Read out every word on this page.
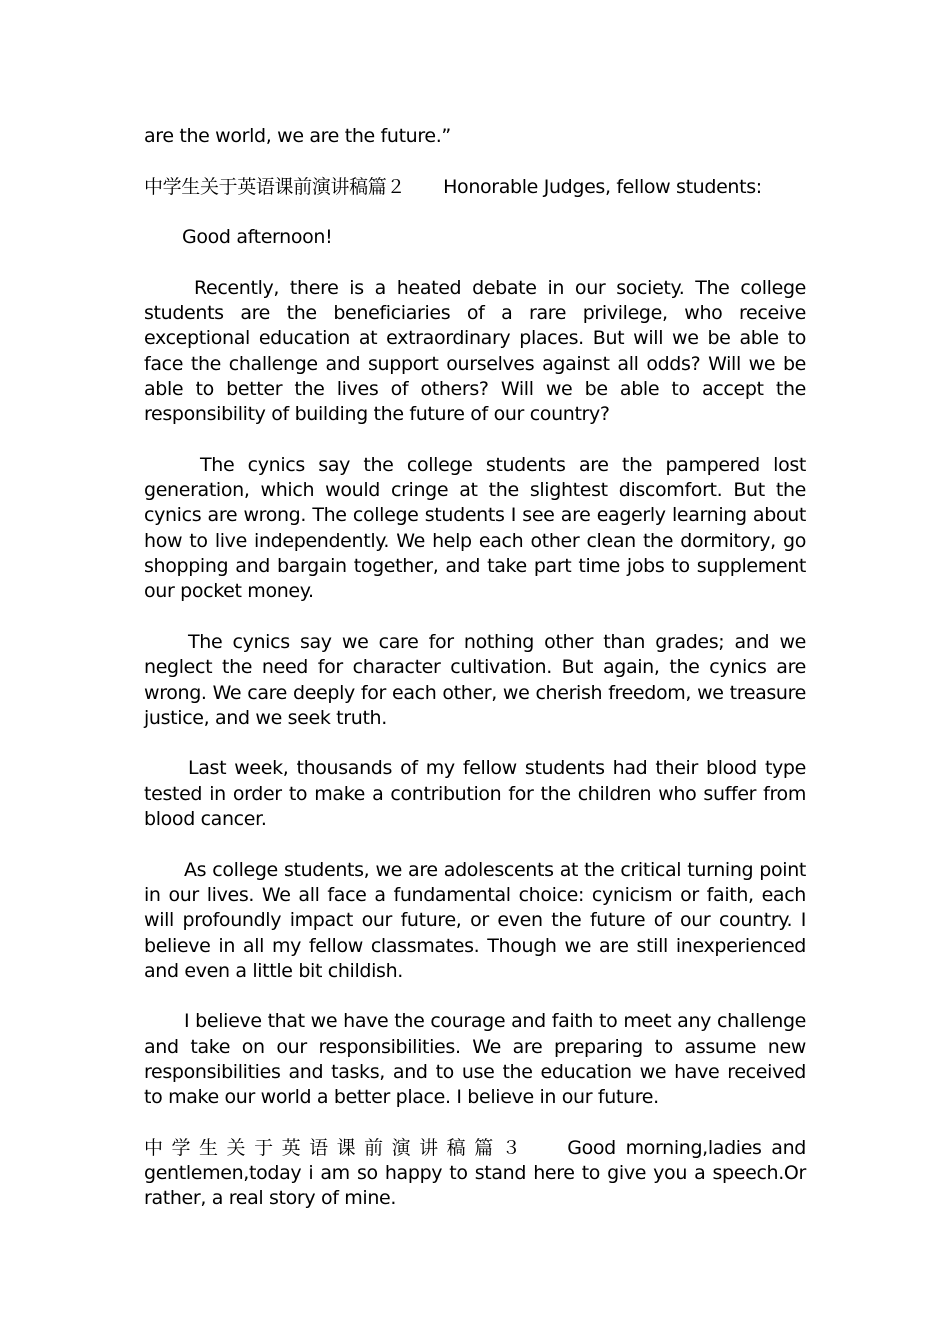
are the world, we are the future.”

中学生关于英语课前演讲稿篇２ Honorable Judges, fellow students:

Good afternoon!

Recently, there is a heated debate in our society. The college students are the beneficiaries of a rare privilege, who receive exceptional education at extraordinary places. But will we be able to face the challenge and support ourselves against all odds? Will we be able to better the lives of others? Will we be able to accept the responsibility of building the future of our country?

The cynics say the college students are the pampered lost generation, which would cringe at the slightest discomfort. But the cynics are wrong. The college students I see are eagerly learning about how to live independently. We help each other clean the dormitory, go shopping and bargain together, and take part time jobs to supplement our pocket money.

The cynics say we care for nothing other than grades; and we neglect the need for character cultivation. But again, the cynics are wrong. We care deeply for each other, we cherish freedom, we treasure justice, and we seek truth.

Last week, thousands of my fellow students had their blood type tested in order to make a contribution for the children who suffer from blood cancer.

As college students, we are adolescents at the critical turning point in our lives. We all face a fundamental choice: cynicism or faith, each will profoundly impact our future, or even the future of our country. I believe in all my fellow classmates. Though we are still inexperienced and even a little bit childish.

I believe that we have the courage and faith to meet any challenge and take on our responsibilities. We are preparing to assume new responsibilities and tasks, and to use the education we have received to make our world a better place. I believe in our future.

中学生关于英语课前演讲稿篇３ Good morning,ladies and gentlemen,today i am so happy to stand here to give you a speech.Or rather, a real story of mine.
